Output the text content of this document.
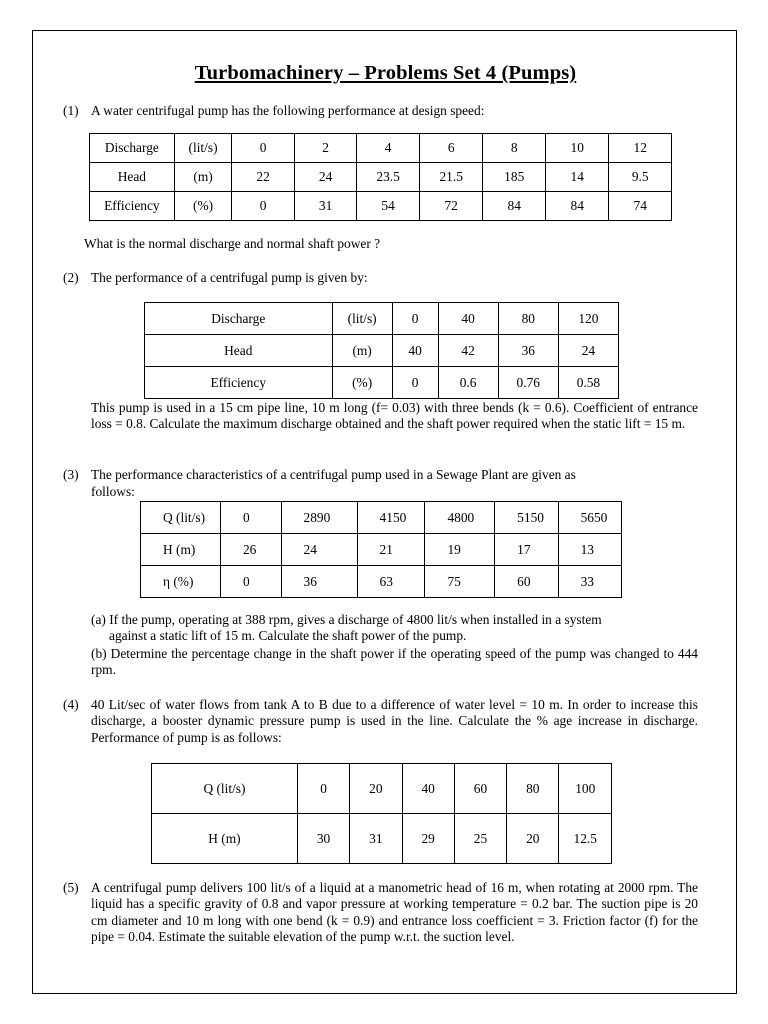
Turbomachinery – Problems Set 4 (Pumps)
(1) A water centrifugal pump has the following performance at design speed:
Discharge	(lit/s)	0	2	4	6	8	10	12
Head	(m)	22	24	23.5	21.5	185	14	9.5
Efficiency	(%)	0	31	54	72	84	84	74
What is the normal discharge and normal shaft power ?
(2) The performance of a centrifugal pump is given by:
Discharge	(lit/s)	0	40	80	120
Head	(m)	40	42	36	24
Efficiency	(%)	0	0.6	0.76	0.58
This pump is used in a 15 cm pipe line, 10 m long (f= 0.03) with three bends (k = 0.6). Coefficient of entrance loss = 0.8. Calculate the maximum discharge obtained and the shaft power required when the static lift = 15 m.
(3) The performance characteristics of a centrifugal pump used in a Sewage Plant are given as
follows:
Q (lit/s)	0	2890	4150	4800	5150	5650
H (m)	26	24	21	19	17	13
η (%)	0	36	63	75	60	33
(a) If the pump, operating at 388 rpm, gives a discharge of 4800 lit/s when installed in a system
against a static lift of 15 m. Calculate the shaft power of the pump.
(b) Determine the percentage change in the shaft power if the operating speed of the pump was changed to 444 rpm.
(4) 40 Lit/sec of water flows from tank A to B due to a difference of water level = 10 m. In order to increase this discharge, a booster dynamic pressure pump is used in the line. Calculate the % age increase in discharge. Performance of pump is as follows:
Q (lit/s)	0	20	40	60	80	100
H (m)	30	31	29	25	20	12.5
(5) A centrifugal pump delivers 100 lit/s of a liquid at a manometric head of 16 m, when rotating at 2000 rpm. The liquid has a specific gravity of 0.8 and vapor pressure at working temperature = 0.2 bar. The suction pipe is 20 cm diameter and 10 m long with one bend (k = 0.9) and entrance loss coefficient = 3. Friction factor (f) for the pipe = 0.04. Estimate the suitable elevation of the pump w.r.t. the suction level.
